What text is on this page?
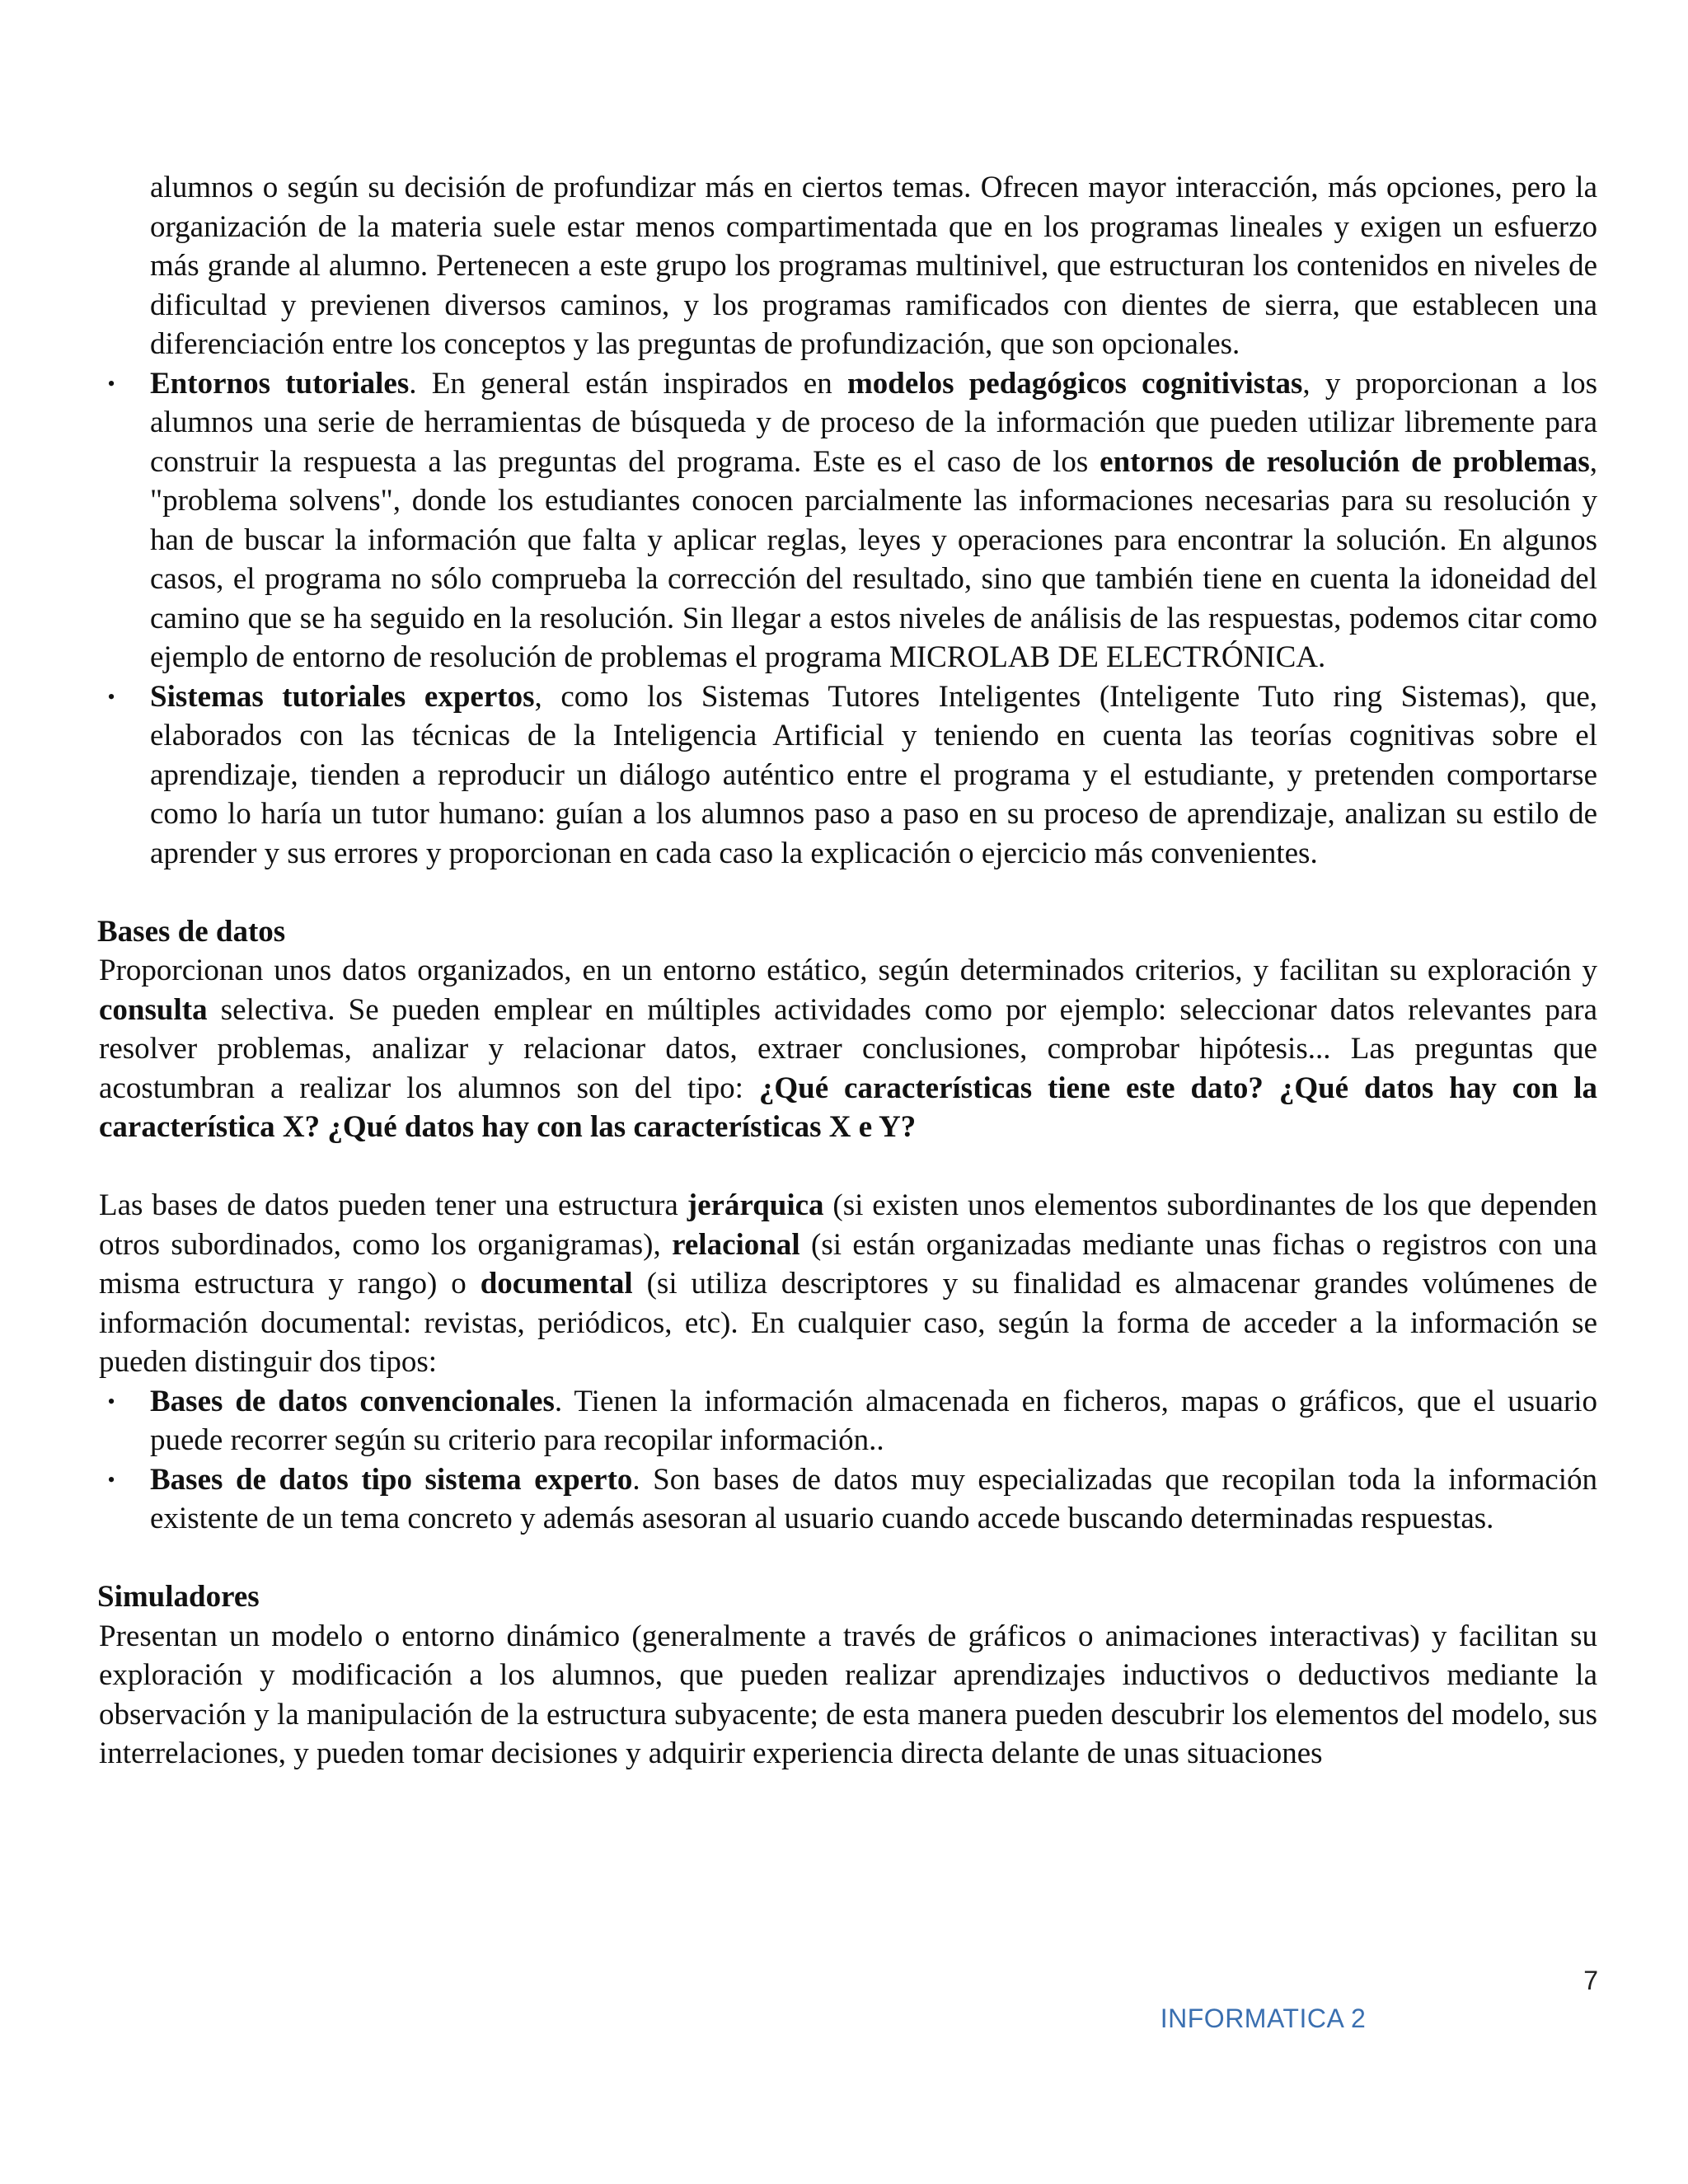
alumnos o según su decisión de profundizar más en ciertos temas. Ofrecen mayor interacción, más opciones, pero la organización de la materia suele estar menos compartimentada que en los programas lineales y exigen un esfuerzo más grande al alumno. Pertenecen a este grupo los programas multinivel, que estructuran los contenidos en niveles de dificultad y previenen diversos caminos, y los programas ramificados con dientes de sierra, que establecen una diferenciación entre los conceptos y las preguntas de profundización, que son opcionales.

• Entornos tutoriales. En general están inspirados en modelos pedagógicos cognitivistas, y proporcionan a los alumnos una serie de herramientas de búsqueda y de proceso de la información que pueden utilizar libremente para construir la respuesta a las preguntas del programa. Este es el caso de los entornos de resolución de problemas, "problema solvens", donde los estudiantes conocen parcialmente las informaciones necesarias para su resolución y han de buscar la información que falta y aplicar reglas, leyes y operaciones para encontrar la solución. En algunos casos, el programa no sólo comprueba la corrección del resultado, sino que también tiene en cuenta la idoneidad del camino que se ha seguido en la resolución. Sin llegar a estos niveles de análisis de las respuestas, podemos citar como ejemplo de entorno de resolución de problemas el programa MICROLAB DE ELECTRÓNICA.
• Sistemas tutoriales expertos, como los Sistemas Tutores Inteligentes (Inteligente Tuto ring Sistemas), que, elaborados con las técnicas de la Inteligencia Artificial y teniendo en cuenta las teorías cognitivas sobre el aprendizaje, tienden a reproducir un diálogo auténtico entre el programa y el estudiante, y pretenden comportarse como lo haría un tutor humano: guían a los alumnos paso a paso en su proceso de aprendizaje, analizan su estilo de aprender y sus errores y proporcionan en cada caso la explicación o ejercicio más convenientes.

Bases de datos

Proporcionan unos datos organizados, en un entorno estático, según determinados criterios, y facilitan su exploración y consulta selectiva. Se pueden emplear en múltiples actividades como por ejemplo: seleccionar datos relevantes para resolver problemas, analizar y relacionar datos, extraer conclusiones, comprobar hipótesis... Las preguntas que acostumbran a realizar los alumnos son del tipo: ¿Qué características tiene este dato? ¿Qué datos hay con la característica X? ¿Qué datos hay con las características X e Y?

Las bases de datos pueden tener una estructura jerárquica (si existen unos elementos subordinantes de los que dependen otros subordinados, como los organigramas), relacional (si están organizadas mediante unas fichas o registros con una misma estructura y rango) o documental (si utiliza descriptores y su finalidad es almacenar grandes volúmenes de información documental: revistas, periódicos, etc). En cualquier caso, según la forma de acceder a la información se pueden distinguir dos tipos:

• Bases de datos convencionales. Tienen la información almacenada en ficheros, mapas o gráficos, que el usuario puede recorrer según su criterio para recopilar información..
• Bases de datos tipo sistema experto. Son bases de datos muy especializadas que recopilan toda la información existente de un tema concreto y además asesoran al usuario cuando accede buscando determinadas respuestas.

Simuladores

Presentan un modelo o entorno dinámico (generalmente a través de gráficos o animaciones interactivas) y facilitan su exploración y modificación a los alumnos, que pueden realizar aprendizajes inductivos o deductivos mediante la observación y la manipulación de la estructura subyacente; de esta manera pueden descubrir los elementos del modelo, sus interrelaciones, y pueden tomar decisiones y adquirir experiencia directa delante de unas situaciones

7
INFORMATICA 2
